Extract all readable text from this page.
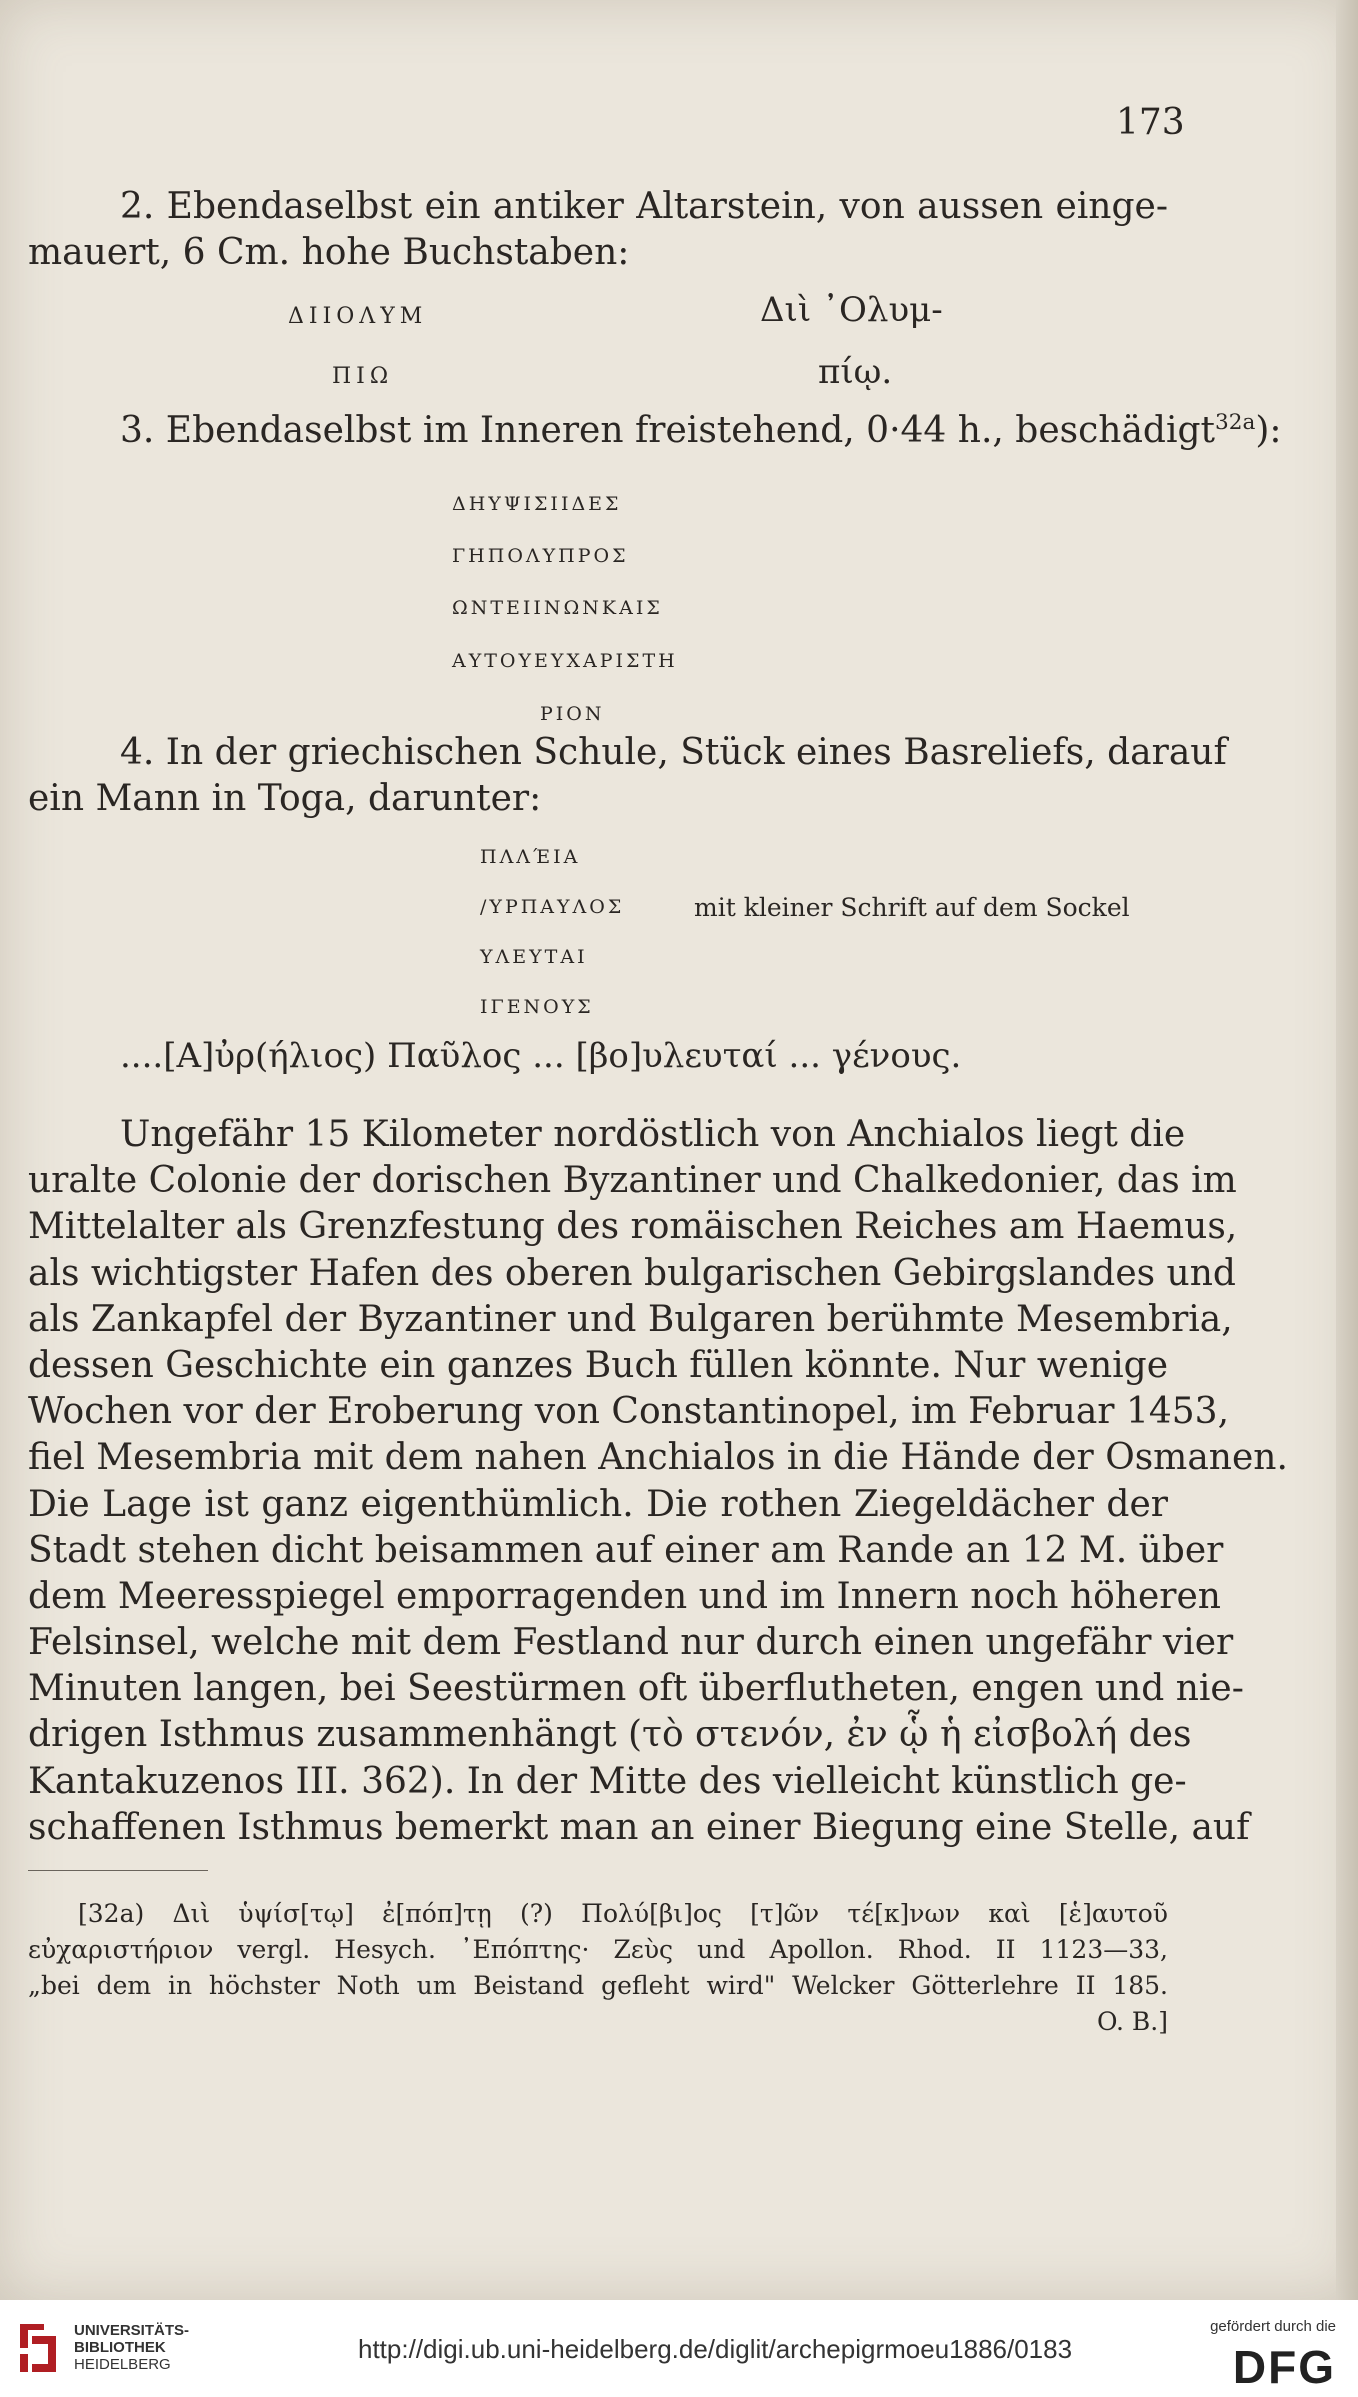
173

2. Ebendaselbst ein antiker Altarstein, von aussen einge-
mauert, 6 Cm. hohe Buchstaben:

ΔΙΙΟΛΥΜ

ΠΙΩ

Διὶ ᾿Ολυμ-

πίῳ.

3. Ebendaselbst im Inneren freistehend, 0·44 h., beschädigt$^{32a}$):

ΔΗΥΨΙΣΙΙΔΕΣ

ΓΗΠΟΛΥΠΡΟΣ

ΩΝΤΕΙΙΝΩΝΚΑΙΣ

ΑΥΤΟΥΕΥΧΑΡΙΣΤΗ

ΡΙΟΝ

4. In der griechischen Schule, Stück eines Basreliefs, darauf
ein Mann in Toga, darunter:

ΠΛΛΈΙΑ

/ΥΡΠΑΥΛΟΣ

ΥΛΕΥΤΑΙ

ΙΓΕΝΟΥΣ

mit kleiner Schrift auf dem Sockel

....[Α]ὐρ(ήλιος) Παῦλος ... [βο]υλευταί ... γένους.

Ungefähr 15 Kilometer nordöstlich von Anchialos liegt die
uralte Colonie der dorischen Byzantiner und Chalkedonier, das im
Mittelalter als Grenzfestung des romäischen Reiches am Haemus,
als wichtigster Hafen des oberen bulgarischen Gebirgslandes und
als Zankapfel der Byzantiner und Bulgaren berühmte Mesembria,
dessen Geschichte ein ganzes Buch füllen könnte. Nur wenige
Wochen vor der Eroberung von Constantinopel, im Februar 1453,
fiel Mesembria mit dem nahen Anchialos in die Hände der Osmanen.
Die Lage ist ganz eigenthümlich. Die rothen Ziegeldächer der
Stadt stehen dicht beisammen auf einer am Rande an 12 M. über
dem Meeresspiegel emporragenden und im Innern noch höheren
Felsinsel, welche mit dem Festland nur durch einen ungefähr vier
Minuten langen, bei Seestürmen oft überflutheten, engen und nie-
drigen Isthmus zusammenhängt (τὸ στενόν, ἐν ᾧ ἡ εἰσβολή des
Kantakuzenos III. 362). In der Mitte des vielleicht künstlich ge-
schaffenen Isthmus bemerkt man an einer Biegung eine Stelle, auf
[32a) Διὶ ὑψίσ[τῳ] ἐ[πόπ]τῃ (?) Πολύ[βι]ος [τ]ῶν τέ[κ]νων καὶ [ἑ]αυτοῦ
εὐχαριστήριον vergl. Hesych. ᾿Επόπτης· Ζεὺς und Apollon. Rhod. II 1123—33,
„bei dem in höchster Noth um Beistand gefleht wird" Welcker Götterlehre II 185.
O. B.]
UNIVERSITÄTS-
BIBLIOTHEK
HEIDELBERG
http://digi.ub.uni-heidelberg.de/diglit/archepigrmoeu1886/0183
gefördert durch die
DFG
